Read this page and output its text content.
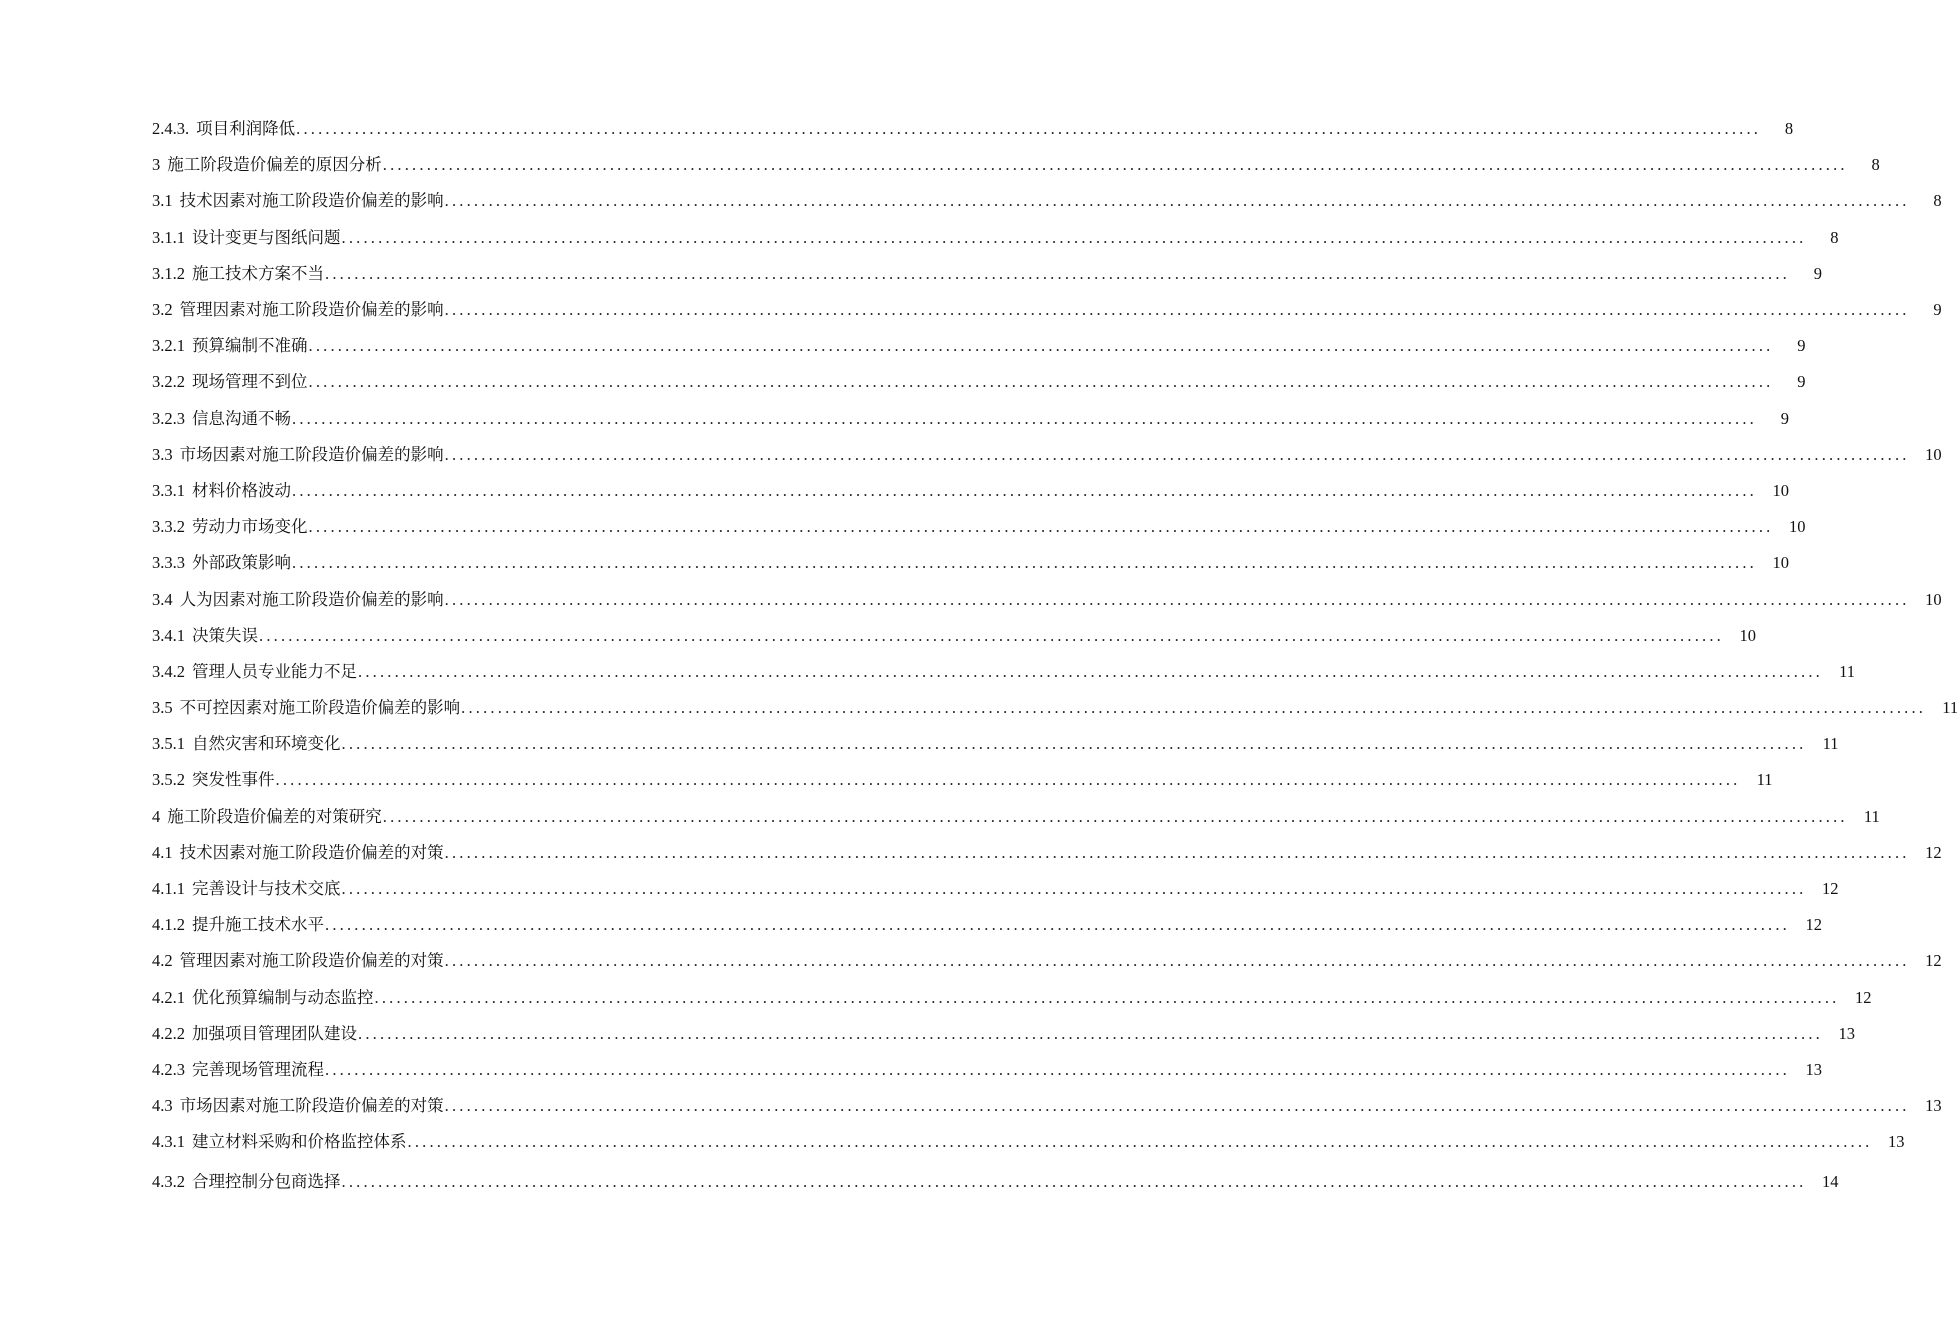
2.4.3. 项目利润降低 ........................................................................................................................................................................................................	8
3 施工阶段造价偏差的原因分析 ........................................................................................................................................................................................................	8
3.1 技术因素对施工阶段造价偏差的影响 ........................................................................................................................................................................................................	8
3.1.1 设计变更与图纸问题 ........................................................................................................................................................................................................	8
3.1.2 施工技术方案不当 ........................................................................................................................................................................................................	9
3.2 管理因素对施工阶段造价偏差的影响 ........................................................................................................................................................................................................	9
3.2.1 预算编制不准确 ........................................................................................................................................................................................................	9
3.2.2 现场管理不到位 ........................................................................................................................................................................................................	9
3.2.3 信息沟通不畅 ........................................................................................................................................................................................................	9
3.3 市场因素对施工阶段造价偏差的影响 ........................................................................................................................................................................................................ 10
3.3.1 材料价格波动 ........................................................................................................................................................................................................ 10
3.3.2 劳动力市场变化 ........................................................................................................................................................................................................ 10
3.3.3 外部政策影响 ........................................................................................................................................................................................................ 10
3.4 人为因素对施工阶段造价偏差的影响 ........................................................................................................................................................................................................ 10
3.4.1 决策失误 ........................................................................................................................................................................................................ 10
3.4.2 管理人员专业能力不足 ........................................................................................................................................................................................................ 11
3.5 不可控因素对施工阶段造价偏差的影响 ........................................................................................................................................................................................................ 11
3.5.1 自然灾害和环境变化 ........................................................................................................................................................................................................ 11
3.5.2 突发性事件 ........................................................................................................................................................................................................ 11
4 施工阶段造价偏差的对策研究 ........................................................................................................................................................................................................ 11
4.1 技术因素对施工阶段造价偏差的对策 ........................................................................................................................................................................................................ 12
4.1.1 完善设计与技术交底 ........................................................................................................................................................................................................ 12
4.1.2 提升施工技术水平 ........................................................................................................................................................................................................ 12
4.2 管理因素对施工阶段造价偏差的对策 ........................................................................................................................................................................................................ 12
4.2.1 优化预算编制与动态监控 ........................................................................................................................................................................................................ 12
4.2.2 加强项目管理团队建设 ........................................................................................................................................................................................................ 13
4.2.3 完善现场管理流程 ........................................................................................................................................................................................................ 13
4.3 市场因素对施工阶段造价偏差的对策 ........................................................................................................................................................................................................ 13
4.3.1 建立材料采购和价格监控体系 ........................................................................................................................................................................................................ 13
4.3.2 合理控制分包商选择 ........................................................................................................................................................................................................ 14
